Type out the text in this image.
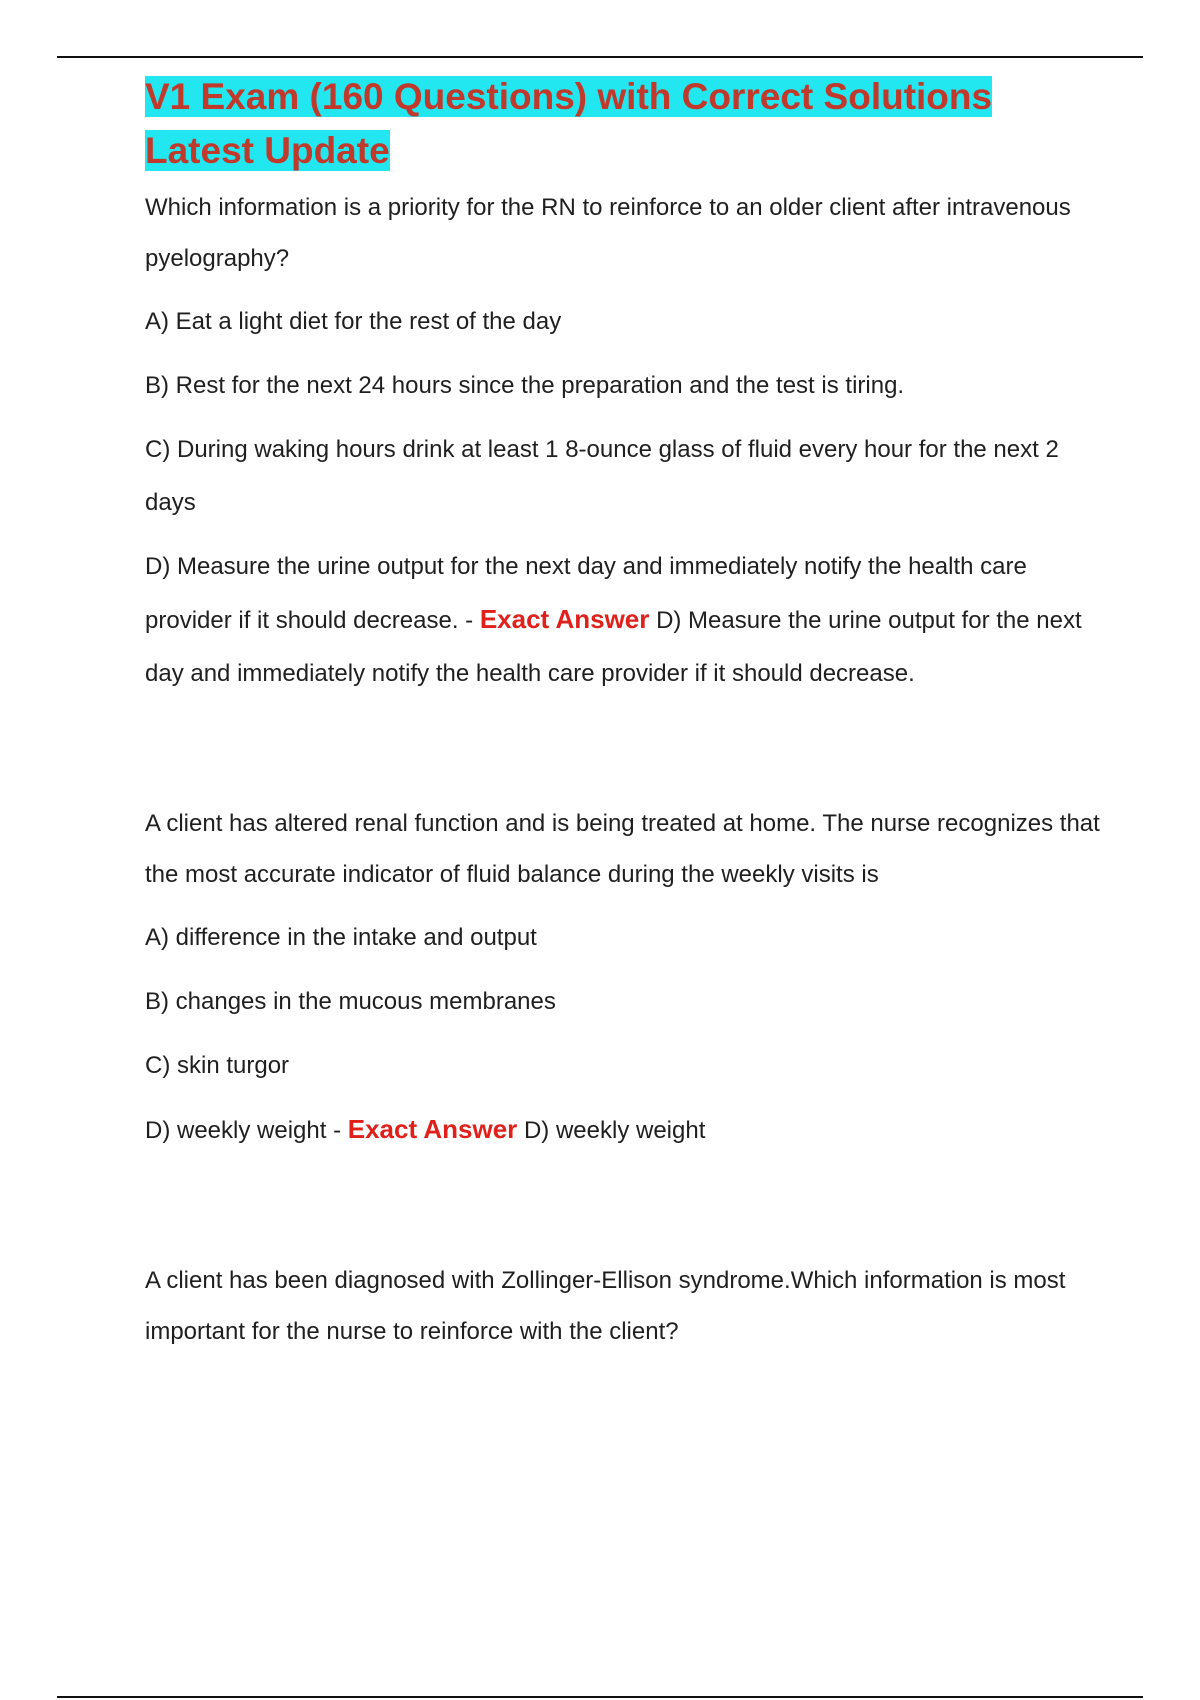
V1 Exam (160 Questions) with Correct Solutions
Latest Update

Which information is a priority for the RN to reinforce to an older client after intravenous pyelography?

A) Eat a light diet for the rest of the day

B) Rest for the next 24 hours since the preparation and the test is tiring.

C) During waking hours drink at least 1 8-ounce glass of fluid every hour for the next 2 days

D) Measure the urine output for the next day and immediately notify the health care provider if it should decrease. - Exact Answer D) Measure the urine output for the next day and immediately notify the health care provider if it should decrease.

A client has altered renal function and is being treated at home. The nurse recognizes that the most accurate indicator of fluid balance during the weekly visits is

A) difference in the intake and output

B) changes in the mucous membranes

C) skin turgor

D) weekly weight - Exact Answer D) weekly weight

A client has been diagnosed with Zollinger-Ellison syndrome.Which information is most important for the nurse to reinforce with the client?
